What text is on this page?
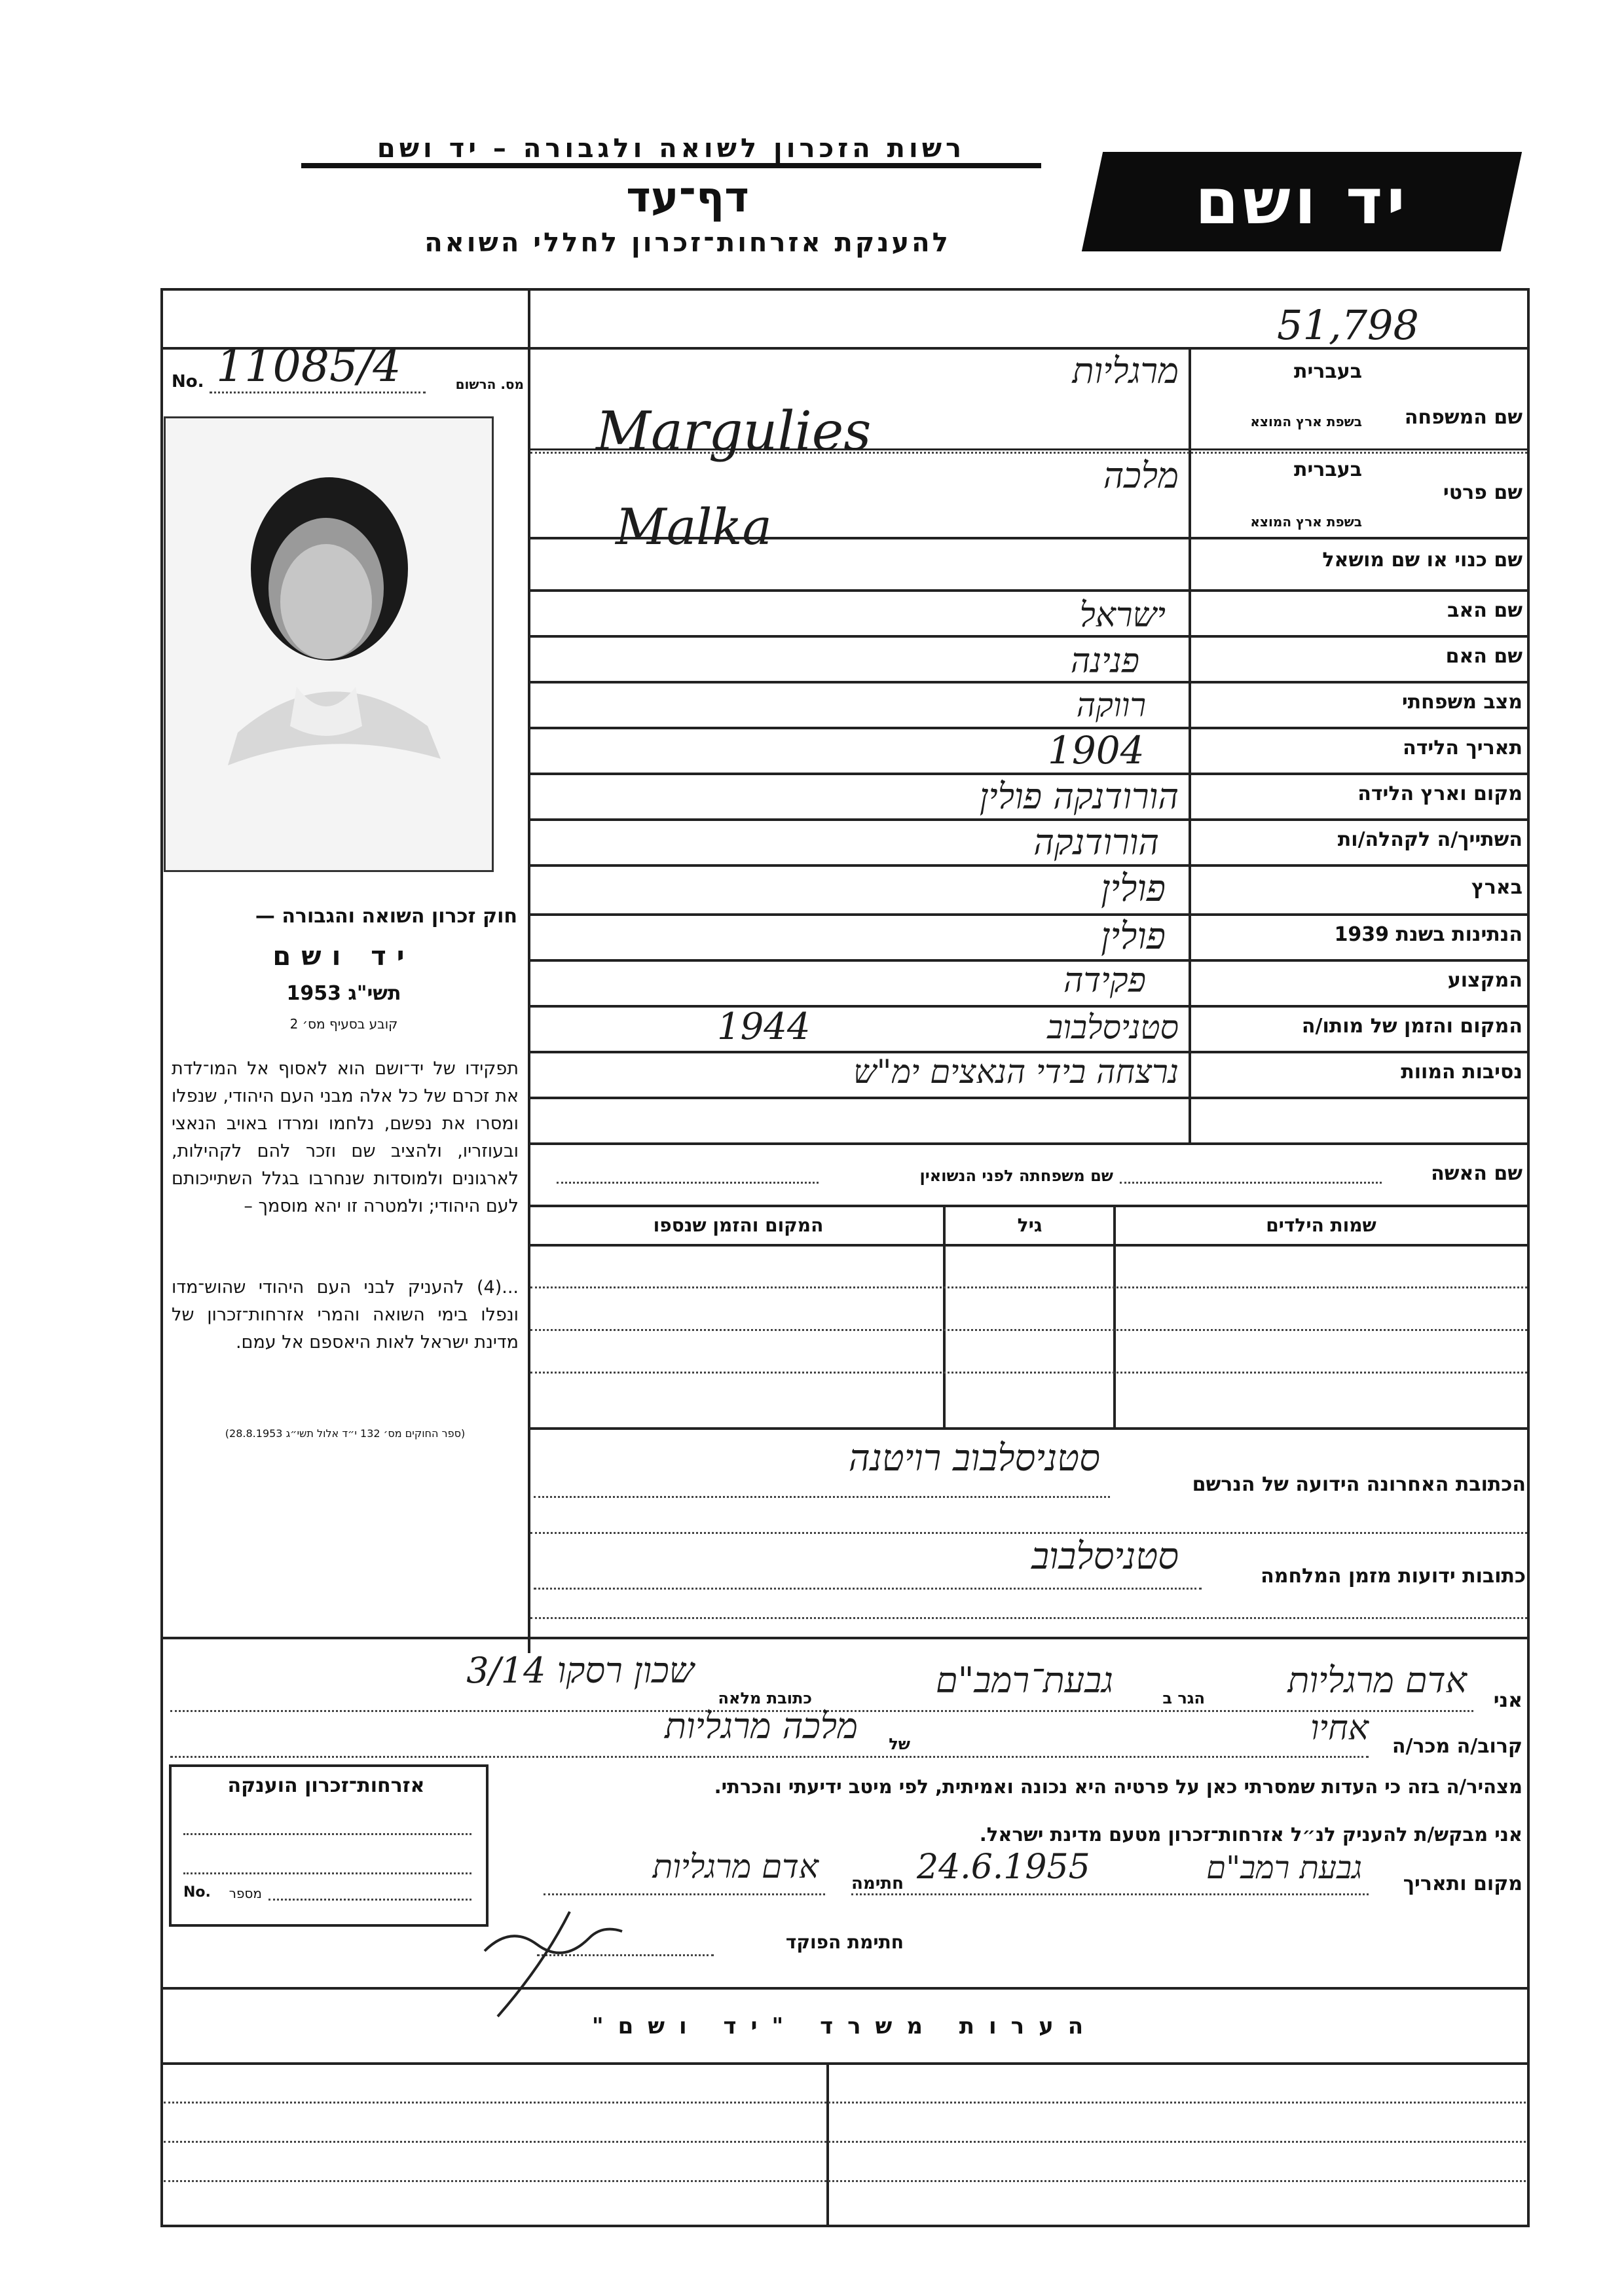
יד ושם
רשות הזכרון לשואה ולגבורה – יד ושם
דף־עד
להענקת אזרחות־זכרון לחללי השואה
51,798
No. 11085/4	מס. הרשום
חוק זכרון השואה והגבורה —
יד ושם
תשי"ג 1953
קובע בסעיף מס׳ 2
תפקידו של יד־ושם הוא לאסוף אל המו־לדת את זכרם של כל אלה מבני העם היהודי, שנפלו ומסרו את נפשם, נלחמו ומרדו באויב הנאצי ובעוזריו, ולהציב שם וזכר להם לקהילות, לארגונים ולמוסדות שנחרבו בגלל השתייכותם לעם היהודי; ולמטרה זו יהא מוסמך –
...(4) להעניק לבני העם היהודי שהוש־מדו ונפלו בימי השואה והמרי אזרחות־זכרון של מדינת ישראל לאות היאספם אל עמם.
(ספר החוקים מס׳ 132 י״ד אלול תשי״ג 28.8.1953)
שם המשפחה
בעברית
בשפת ארץ המוצא
שם פרטי
בעברית
בשפת ארץ המוצא
שם כנוי או שם מושאל
שם האב
שם האם
מצב משפחתי
תאריך הלידה
מקום וארץ הלידה
השתייך/ה לקהלה/ות
בארץ
הנתינות בשנת 1939
המקצוע
המקום והזמן של מותו/ה
נסיבות המוות
מרגליות
Margulies
מלכה
Malka
ישראל
פנינה
רווקה
1904
הורודנקה פולין
הורודנקה
פולין
פולין
פקידה
סטניסלבוב
1944
נרצחה בידי הנאצים ימ"ש
שם האשה
שם משפחתה לפני הנשואין
שמות הילדים
גיל
המקום והזמן שנספו
הכתובת האחרונה הידועה של הנרשם
סטניסלבוב רויטנה
כתובות ידועות מזמן המלחמה
סטניסלבוב
אני
אדם מרגליות
הגר ב
גבעת־רמב"ם
כתובת מלאה
שכון רסקו 3/14
קרוב/ה מכר/ה
אחיו
של
מלכה מרגליות
מצהיר/ה בזה כי העדות שמסרתי כאן על פרטיה היא נכונה ואמיתית, לפי מיטב ידיעתי והכרתי.
אני מבקש/ת להעניק לנ״ל אזרחות־זכרון מטעם מדינת ישראל.
מקום ותאריך
גבעת רמב"ם
24.6.1955
חתימה
אדם מרגליות
חתימת הפוקד
אזרחות־זכרון הוענקה
No.	מספר
הערות משרד "יד ושם"
